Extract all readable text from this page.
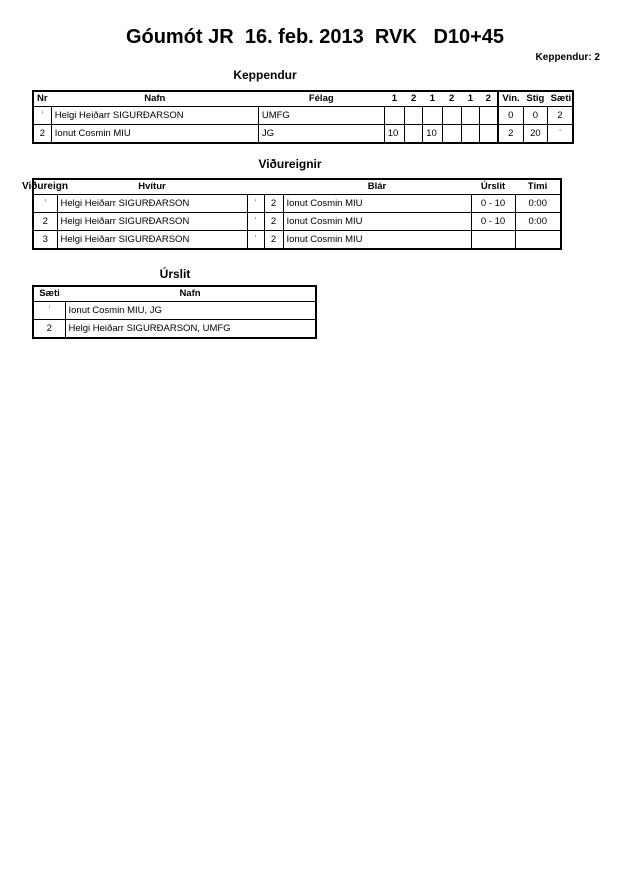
Góumót JR  16. feb. 2013  RVK   D10+45
Keppendur: 2
Keppendur
Nr	Nafn	Félag	1	2	1	2	1	2	Vin.	Stig	Sæti
ʼ	Helgi Heiðarr SIGURÐARSON	UMFG							0	0	2
2	Ionut Cosmin MIU	JG	10		10				2	20	ʼ
Viðureignir
Viðureign
		Hvítur			Blár	Úrslit	Tími
ʼ	Helgi Heiðarr SIGURÐARSON	ʼ	2	Ionut Cosmin MIU	0 - 10	0:00
2	Helgi Heiðarr SIGURÐARSON	ʼ	2	Ionut Cosmin MIU	0 - 10	0:00
3	Helgi Heiðarr SIGURÐARSON	ʼ	2	Ionut Cosmin MIU		
Úrslit
Sæti	Nafn
ʼ	Ionut Cosmin MIU, JG
2	Helgi Heiðarr SIGURÐARSON, UMFG
